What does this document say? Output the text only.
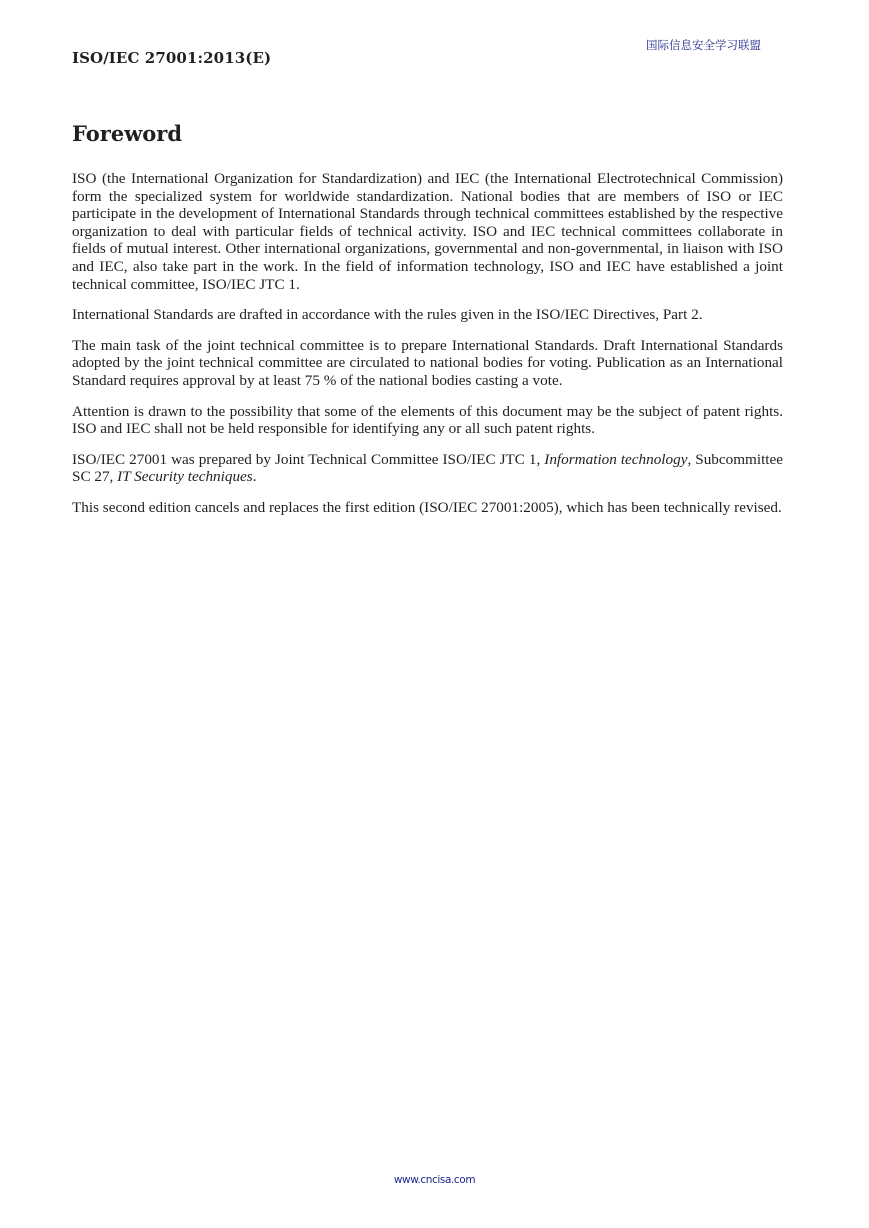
ISO/IEC 27001:2013(E)
国际信息安全学习联盟
Foreword

ISO (the International Organization for Standardization) and IEC (the International Electrotechnical Commission) form the specialized system for worldwide standardization. National bodies that are members of ISO or IEC participate in the development of International Standards through technical committees established by the respective organization to deal with particular fields of technical activity. ISO and IEC technical committees collaborate in fields of mutual interest. Other international organizations, governmental and non-governmental, in liaison with ISO and IEC, also take part in the work. In the field of information technology, ISO and IEC have established a joint technical committee, ISO/IEC JTC 1.

International Standards are drafted in accordance with the rules given in the ISO/IEC Directives, Part 2.

The main task of the joint technical committee is to prepare International Standards. Draft International Standards adopted by the joint technical committee are circulated to national bodies for voting. Publication as an International Standard requires approval by at least 75 % of the national bodies casting a vote.

Attention is drawn to the possibility that some of the elements of this document may be the subject of patent rights. ISO and IEC shall not be held responsible for identifying any or all such patent rights.

ISO/IEC 27001 was prepared by Joint Technical Committee ISO/IEC JTC 1, Information technology, Subcommittee SC 27, IT Security techniques.

This second edition cancels and replaces the first edition (ISO/IEC 27001:2005), which has been technically revised.

www.cncisa.com
